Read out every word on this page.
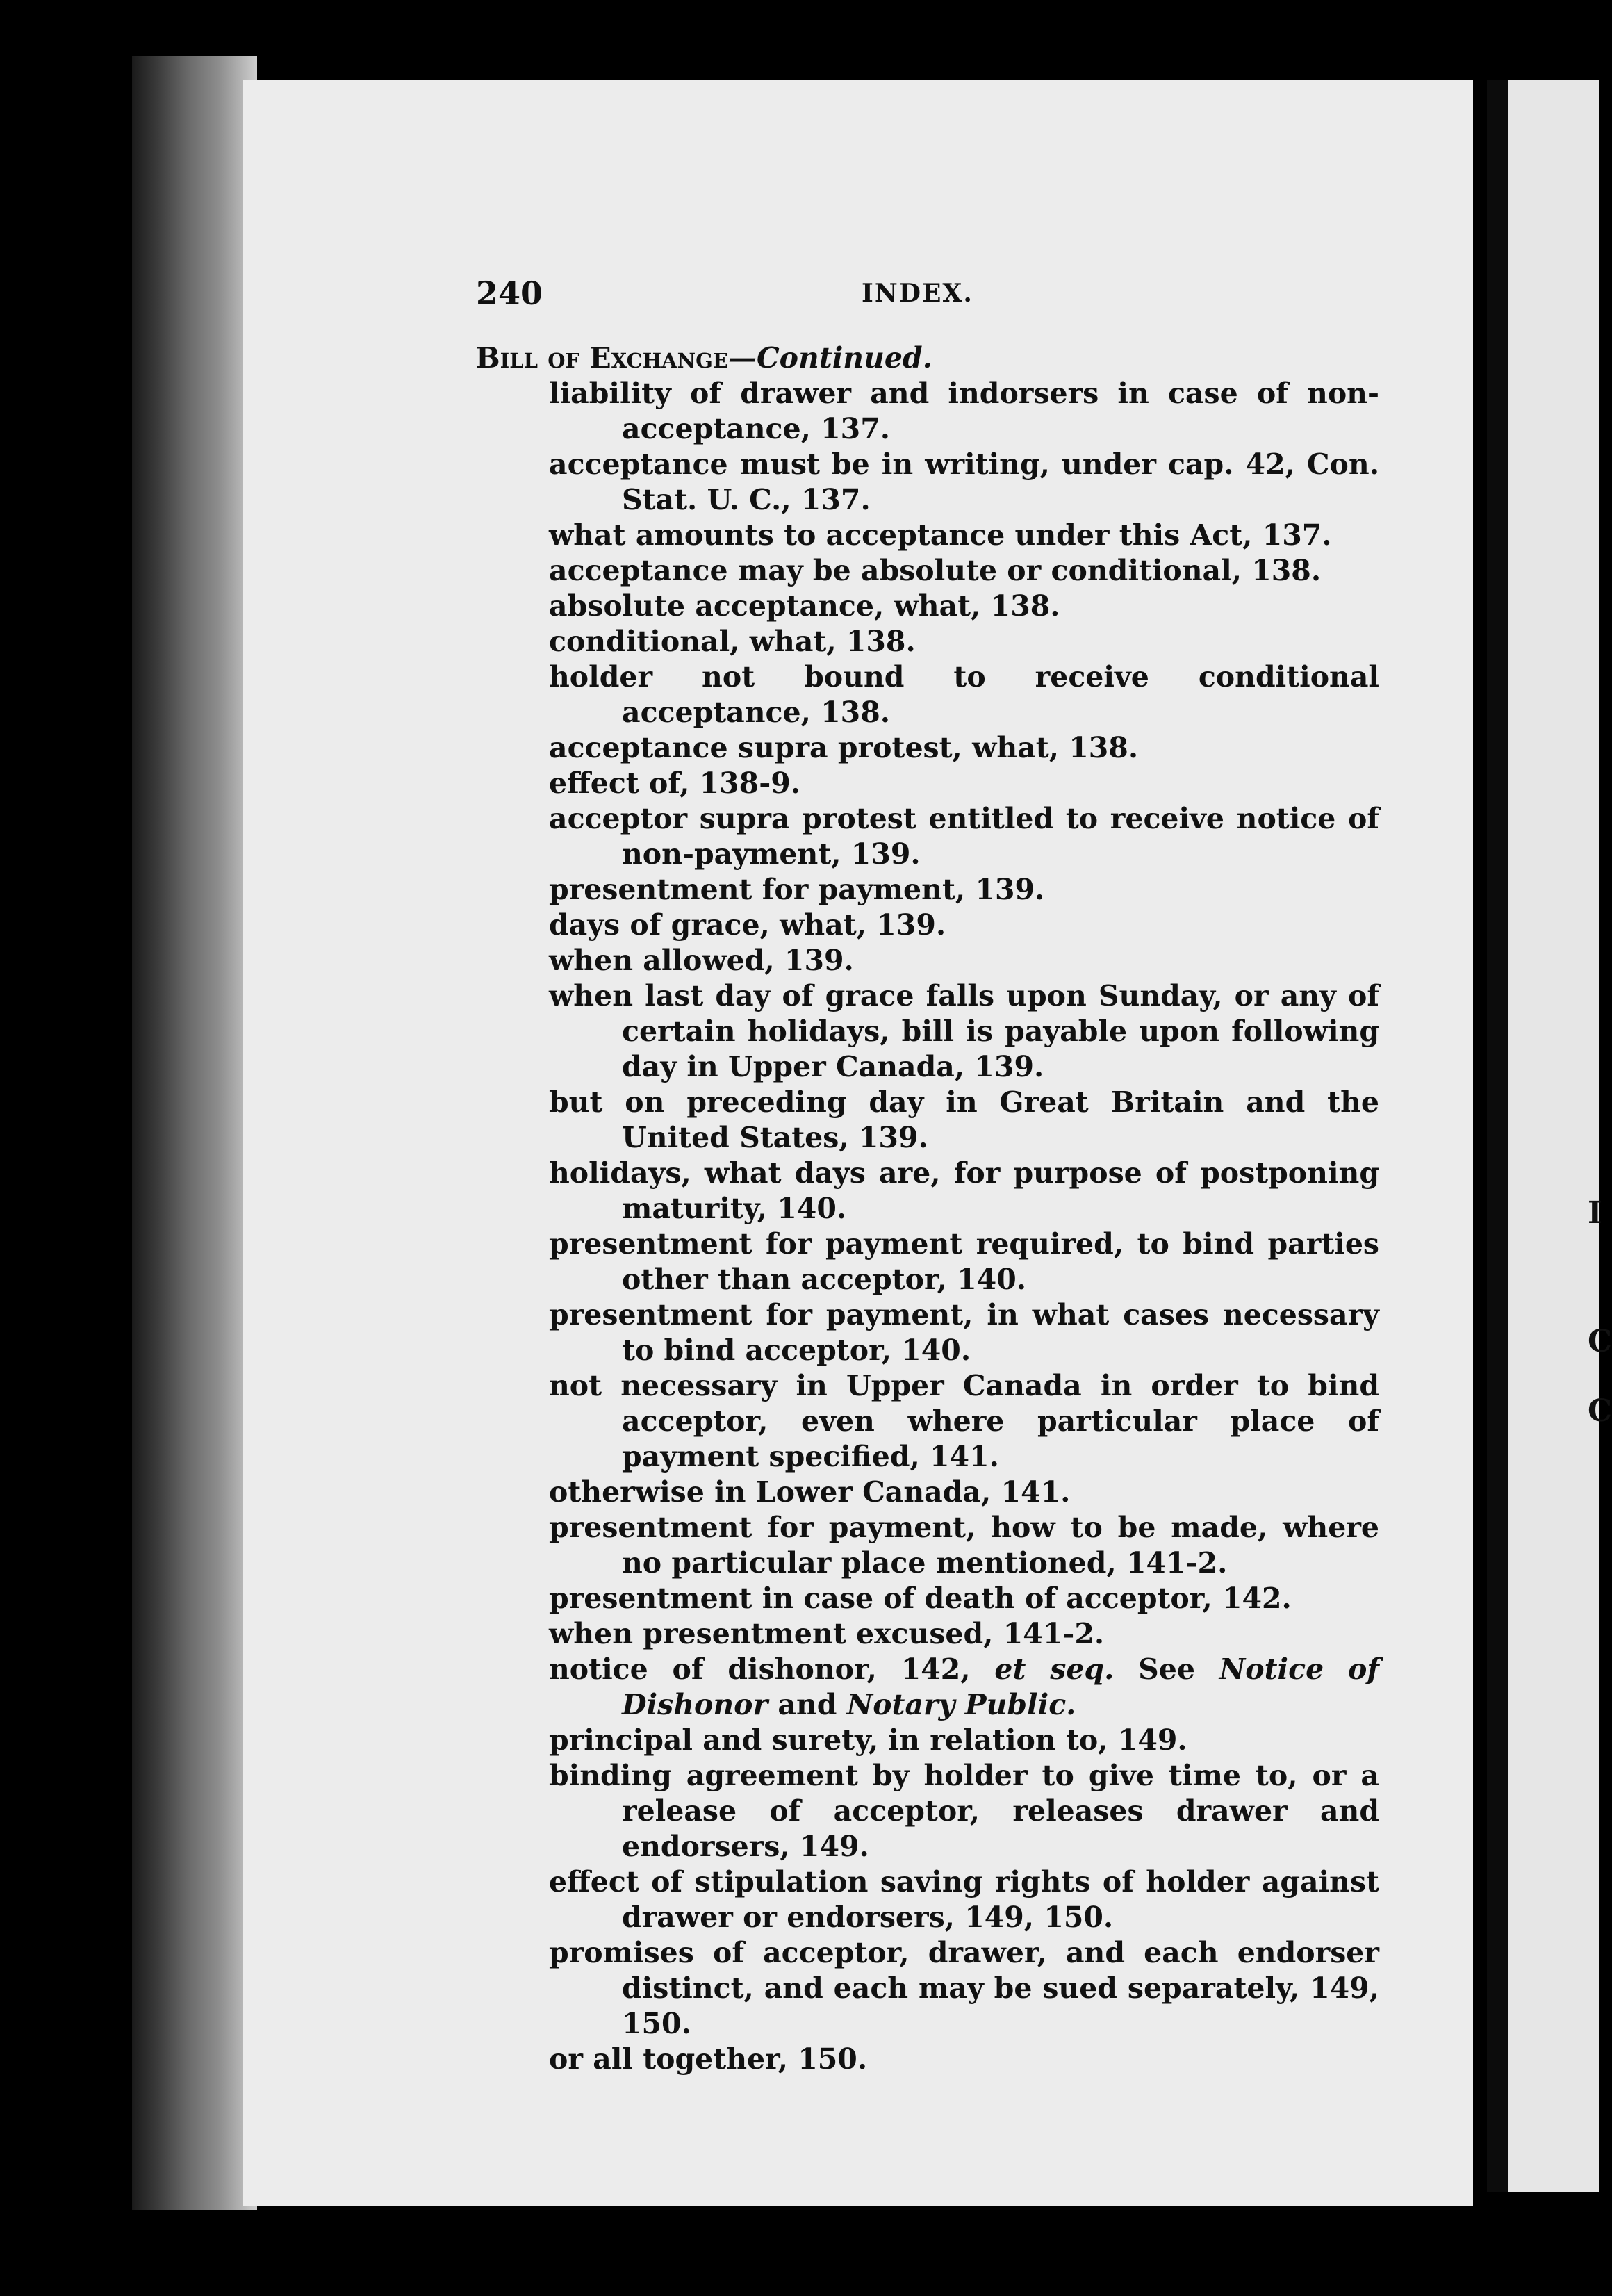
I
C
C
240	INDEX.

Bill of Exchange—Continued.

liability of drawer and indorsers in case of non-acceptance, 137.

acceptance must be in writing, under cap. 42, Con. Stat. U. C., 137.

what amounts to acceptance under this Act, 137.

acceptance may be absolute or conditional, 138.

absolute acceptance, what, 138.

conditional, what, 138.

holder not bound to receive conditional acceptance, 138.

acceptance supra protest, what, 138.

effect of, 138-9.

acceptor supra protest entitled to receive notice of non-payment, 139.

presentment for payment, 139.

days of grace, what, 139.

when allowed, 139.

when last day of grace falls upon Sunday, or any of certain holidays, bill is payable upon following day in Upper Canada, 139.

but on preceding day in Great Britain and the United States, 139.

holidays, what days are, for purpose of postponing maturity, 140.

presentment for payment required, to bind parties other than acceptor, 140.

presentment for payment, in what cases necessary to bind acceptor, 140.

not necessary in Upper Canada in order to bind acceptor, even where particular place of payment specified, 141.

otherwise in Lower Canada, 141.

presentment for payment, how to be made, where no particular place mentioned, 141-2.

presentment in case of death of acceptor, 142.

when presentment excused, 141-2.

notice of dishonor, 142, et seq. See Notice of Dishonor and Notary Public.

principal and surety, in relation to, 149.

binding agreement by holder to give time to, or a release of acceptor, releases drawer and endorsers, 149.

effect of stipulation saving rights of holder against drawer or endorsers, 149, 150.

promises of acceptor, drawer, and each endorser distinct, and each may be sued separately, 149, 150.

or all together, 150.
